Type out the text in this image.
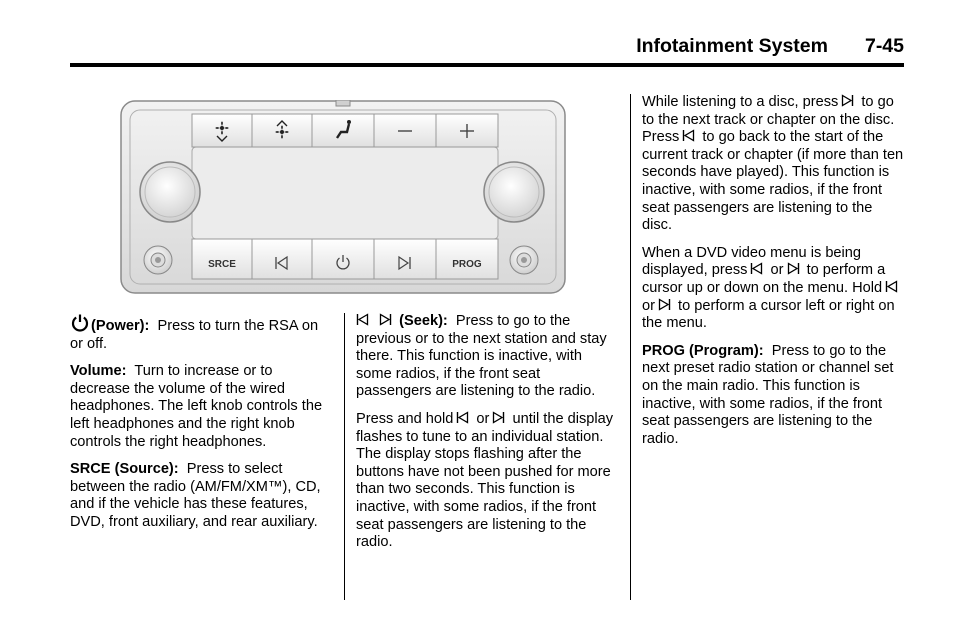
Infotainment System 7-45
SRCE	PROG

(Power): Press to turn the RSA on or off.

Volume: Turn to increase or to decrease the volume of the wired headphones. The left knob controls the left headphones and the right knob controls the right headphones.

SRCE (Source): Press to select between the radio (AM/FM/XM™), CD, and if the vehicle has these features, DVD, front auxiliary, and rear auxiliary.

(Seek): Press to go to the previous or to the next station and stay there. This function is inactive, with some radios, if the front seat passengers are listening to the radio.

Press and hold or until the display flashes to tune to an individual station. The display stops flashing after the buttons have not been pushed for more than two seconds. This function is inactive, with some radios, if the front seat passengers are listening to the radio.

While listening to a disc, press to go to the next track or chapter on the disc. Press to go back to the start of the current track or chapter (if more than ten seconds have played). This function is inactive, with some radios, if the front seat passengers are listening to the disc.

When a DVD video menu is being displayed, press or to perform a cursor up or down on the menu. Hold
or to perform a cursor left or right on the menu.

PROG (Program): Press to go to the next preset radio station or channel set on the main radio. This function is inactive, with some radios, if the front seat passengers are listening to the radio.
